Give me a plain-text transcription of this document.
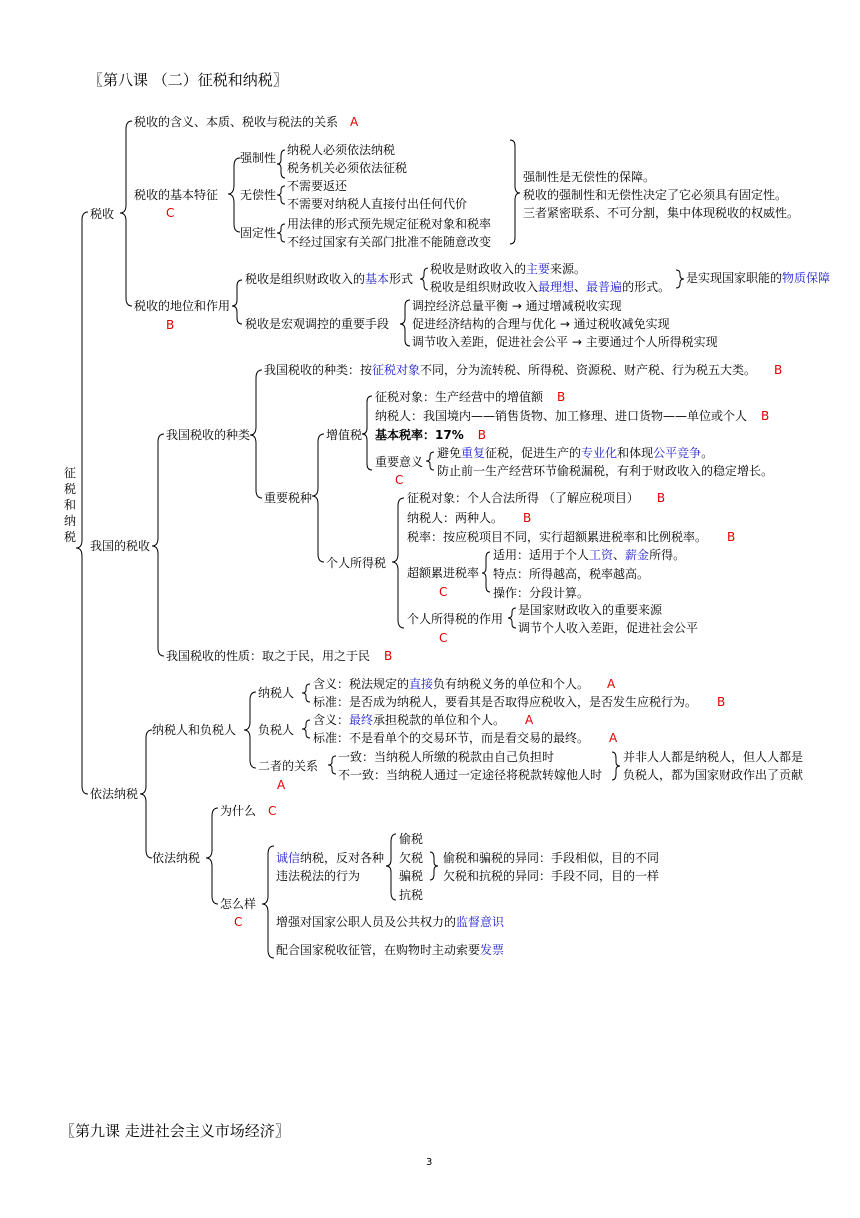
〖第八课 （二）征税和纳税〗
征
税
和
纳
税
税收
我国的税收
依法纳税
税收的含义、本质、税收与税法的关系 A
税收的基本特征
C
强制性
纳税人必须依法纳税
税务机关必须依法征税
无偿性
不需要返还
不需要对纳税人直接付出任何代价
固定性
用法律的形式预先规定征税对象和税率
不经过国家有关部门批准不能随意改变
强制性是无偿性的保障。
税收的强制性和无偿性决定了它必须具有固定性。
三者紧密联系、不可分割，集中体现税收的权威性。
税收的地位和作用
B
税收是组织财政收入的基本形式
税收是财政收入的主要来源。
税收是组织财政收入最理想、最普遍的形式。
是实现国家职能的物质保障
税收是宏观调控的重要手段
调控经济总量平衡 → 通过增减税收实现
促进经济结构的合理与优化 → 通过税收减免实现
调节收入差距，促进社会公平 → 主要通过个人所得税实现
我国税收的种类
我国税收的种类：按征税对象不同，分为流转税、所得税、资源税、财产税、行为税五大类。 B
重要税种
增值税
征税对象：生产经营中的增值额 B
纳税人：我国境内——销售货物、加工修理、进口货物——单位或个人 B
基本税率：17% B
重要意义
C
避免重复征税，促进生产的专业化和体现公平竞争。
防止前一生产经营环节偷税漏税，有利于财政收入的稳定增长。
个人所得税
征税对象：个人合法所得 （了解应税项目） B
纳税人：两种人。 B
税率：按应税项目不同，实行超额累进税率和比例税率。 B
超额累进税率
C
适用：适用于个人工资、薪金所得。
特点：所得越高，税率越高。
操作：分段计算。
个人所得税的作用
C
是国家财政收入的重要来源
调节个人收入差距，促进社会公平
我国税收的性质：取之于民，用之于民 B
纳税人和负税人
纳税人
含义：税法规定的直接负有纳税义务的单位和个人。 A
标准：是否成为纳税人，要看其是否取得应税收入，是否发生应税行为。 B
负税人
含义：最终承担税款的单位和个人。 A
标准：不是看单个的交易环节，而是看交易的最终。 A
二者的关系
A
一致：当纳税人所缴的税款由自己负担时
不一致：当纳税人通过一定途径将税款转嫁他人时
并非人人都是纳税人，但人人都是
负税人，都为国家财政作出了贡献
依法纳税
为什么 C
怎么样
C
诚信纳税，反对各种
违法税法的行为
偷税
欠税
骗税
抗税
偷税和骗税的异同：手段相似，目的不同
欠税和抗税的异同：手段不同，目的一样
增强对国家公职人员及公共权力的监督意识
配合国家税收征管，在购物时主动索要发票
〖第九课 走进社会主义市场经济〗
3
